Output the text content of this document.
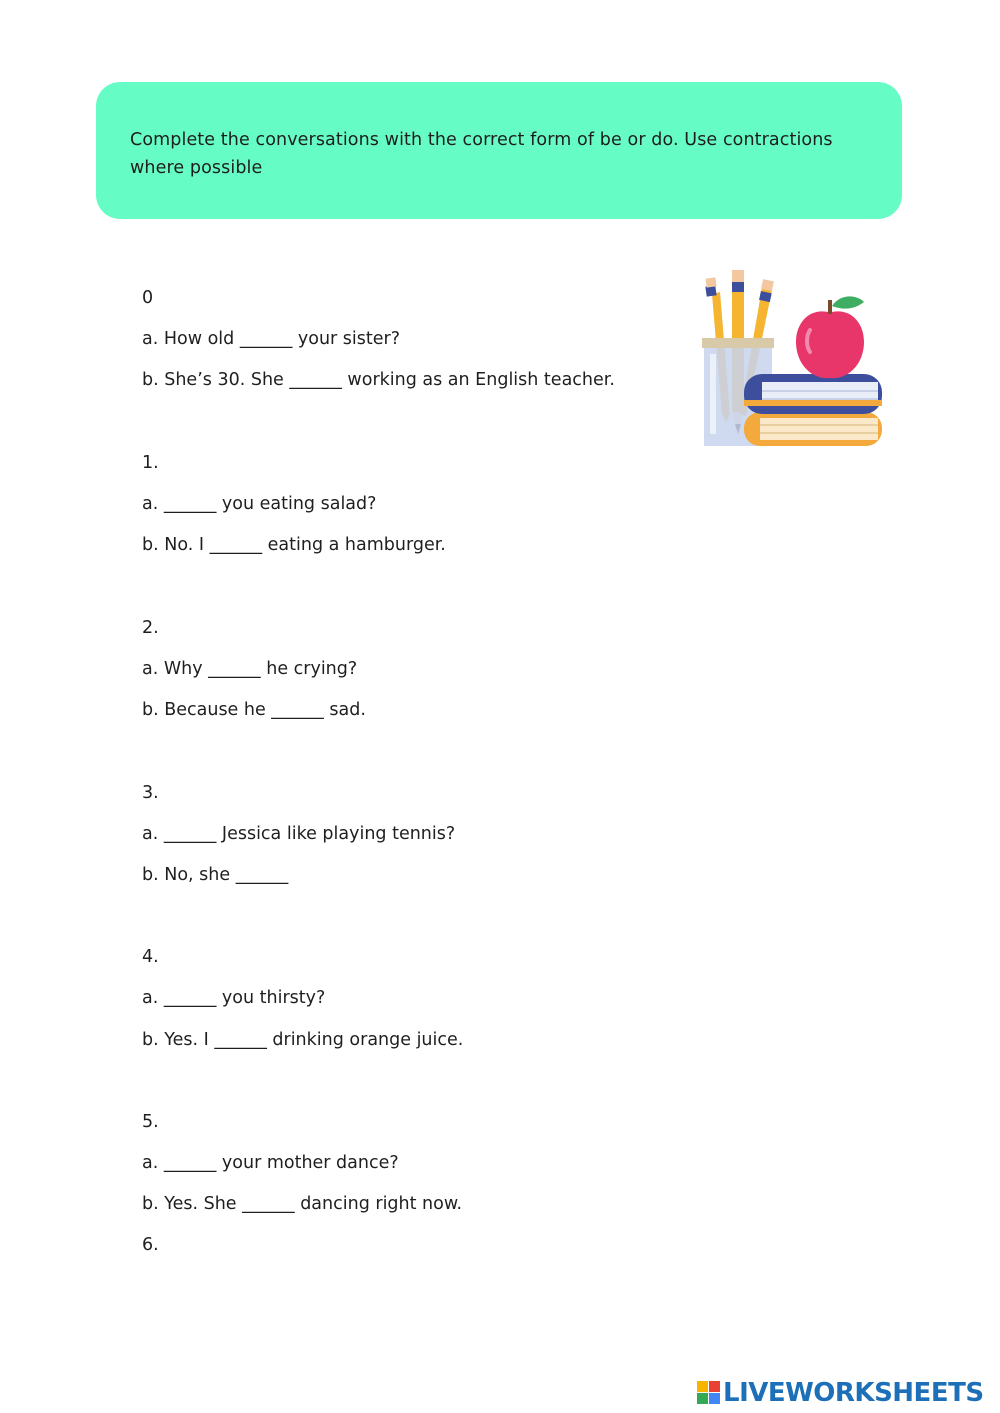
Complete the conversations with the correct form of be or do. Use contractions where possible
0
a. How old ______ your sister?
b. She’s 30. She ______ working as an English teacher.
1.
a. ______ you eating salad?
b. No. I ______ eating a hamburger.
2.
a. Why ______ he crying?
b. Because he ______ sad.
3.
a. ______ Jessica like playing tennis?
b. No, she ______
4.
a. ______ you thirsty?
b. Yes. I ______ drinking orange juice.
5.
a. ______ your mother dance?
b. Yes. She ______ dancing right now.
6.
LIVEWORKSHEETS
